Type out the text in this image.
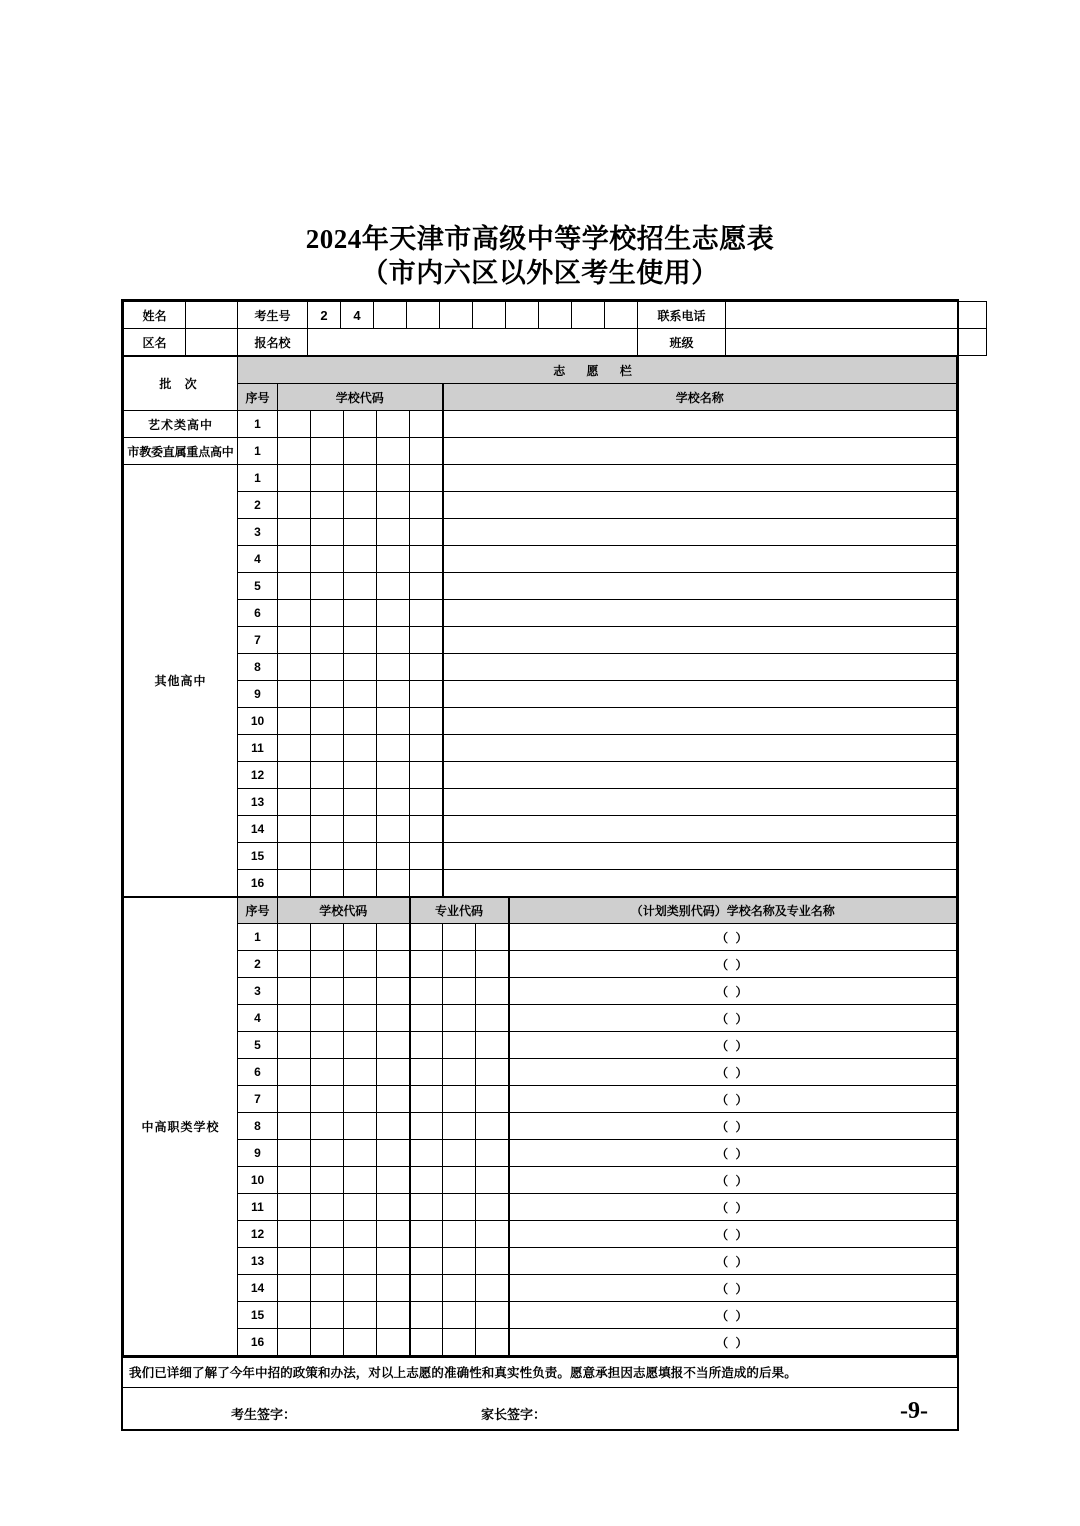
2024年天津市高级中等学校招生志愿表
（市内六区以外区考生使用）
姓名		考生号	2	4									联系电话	
区名		报名校											班级	
批 次	志 愿 栏								
	序号	学校代码					学校名称		
艺术类高中	1								
市教委直属重点高中	1								
其他高中	1								
	2								
	3								
	4								
	5								
	6								
	7								
	8								
	9								
	10								
	11								
	12								
	13								
	14								
	15								
	16								
中高职类学校	序号	学校代码				专业代码			（计划类别代码）学校名称及专业名称
	1								（ ）
	2								（ ）
	3								（ ）
	4								（ ）
	5								（ ）
	6								（ ）
	7								（ ）
	8								（ ）
	9								（ ）
	10								（ ）
	11								（ ）
	12								（ ）
	13								（ ）
	14								（ ）
	15								（ ）
	16								（ ）
我们已详细了解了今年中招的政策和办法，对以上志愿的准确性和真实性负责。愿意承担因志愿填报不当所造成的后果。

考生签字：	家长签字：	-9-
